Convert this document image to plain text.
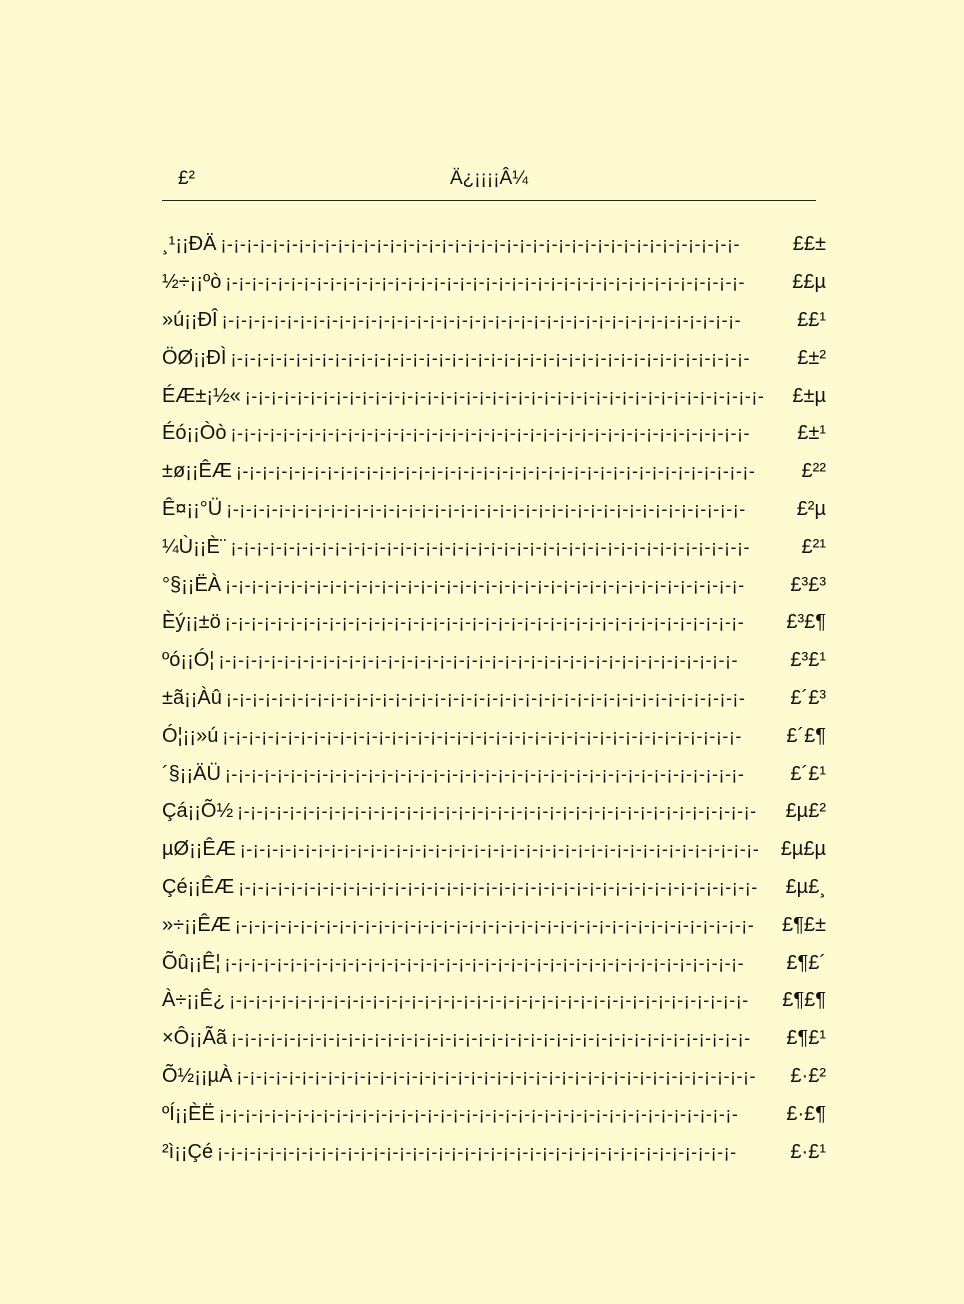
£²	Ä¿¡¡¡¡Â¼
¸¹¡¡ÐÄ ¡-¡-¡-¡-¡-¡-¡-¡-¡-¡-¡-¡-¡-¡-¡-¡-¡-¡-¡-¡-¡-¡-¡-¡-¡-¡-¡-¡-¡-¡-¡-¡-¡-¡-¡-¡-¡-¡-¡-¡-	££±
½÷¡¡ºò ¡-¡-¡-¡-¡-¡-¡-¡-¡-¡-¡-¡-¡-¡-¡-¡-¡-¡-¡-¡-¡-¡-¡-¡-¡-¡-¡-¡-¡-¡-¡-¡-¡-¡-¡-¡-¡-¡-¡-¡-	££µ
»ú¡¡ÐÎ ¡-¡-¡-¡-¡-¡-¡-¡-¡-¡-¡-¡-¡-¡-¡-¡-¡-¡-¡-¡-¡-¡-¡-¡-¡-¡-¡-¡-¡-¡-¡-¡-¡-¡-¡-¡-¡-¡-¡-¡-	££¹
ÖØ¡¡ÐÌ ¡-¡-¡-¡-¡-¡-¡-¡-¡-¡-¡-¡-¡-¡-¡-¡-¡-¡-¡-¡-¡-¡-¡-¡-¡-¡-¡-¡-¡-¡-¡-¡-¡-¡-¡-¡-¡-¡-¡-¡-	£±²
ÉÆ±¡½« ¡-¡-¡-¡-¡-¡-¡-¡-¡-¡-¡-¡-¡-¡-¡-¡-¡-¡-¡-¡-¡-¡-¡-¡-¡-¡-¡-¡-¡-¡-¡-¡-¡-¡-¡-¡-¡-¡-¡-¡-	£±µ
Éó¡¡Òò ¡-¡-¡-¡-¡-¡-¡-¡-¡-¡-¡-¡-¡-¡-¡-¡-¡-¡-¡-¡-¡-¡-¡-¡-¡-¡-¡-¡-¡-¡-¡-¡-¡-¡-¡-¡-¡-¡-¡-¡-	£±¹
±ø¡¡ÊÆ ¡-¡-¡-¡-¡-¡-¡-¡-¡-¡-¡-¡-¡-¡-¡-¡-¡-¡-¡-¡-¡-¡-¡-¡-¡-¡-¡-¡-¡-¡-¡-¡-¡-¡-¡-¡-¡-¡-¡-¡-	£²²
Ê¤¡¡°Ü ¡-¡-¡-¡-¡-¡-¡-¡-¡-¡-¡-¡-¡-¡-¡-¡-¡-¡-¡-¡-¡-¡-¡-¡-¡-¡-¡-¡-¡-¡-¡-¡-¡-¡-¡-¡-¡-¡-¡-¡-	£²µ
¼Ù¡¡È¨ ¡-¡-¡-¡-¡-¡-¡-¡-¡-¡-¡-¡-¡-¡-¡-¡-¡-¡-¡-¡-¡-¡-¡-¡-¡-¡-¡-¡-¡-¡-¡-¡-¡-¡-¡-¡-¡-¡-¡-¡-	£²¹
°§¡¡ËÀ ¡-¡-¡-¡-¡-¡-¡-¡-¡-¡-¡-¡-¡-¡-¡-¡-¡-¡-¡-¡-¡-¡-¡-¡-¡-¡-¡-¡-¡-¡-¡-¡-¡-¡-¡-¡-¡-¡-¡-¡-	£³£³
Èý¡¡±ö ¡-¡-¡-¡-¡-¡-¡-¡-¡-¡-¡-¡-¡-¡-¡-¡-¡-¡-¡-¡-¡-¡-¡-¡-¡-¡-¡-¡-¡-¡-¡-¡-¡-¡-¡-¡-¡-¡-¡-¡-	£³£¶
ºó¡¡Ó¦ ¡-¡-¡-¡-¡-¡-¡-¡-¡-¡-¡-¡-¡-¡-¡-¡-¡-¡-¡-¡-¡-¡-¡-¡-¡-¡-¡-¡-¡-¡-¡-¡-¡-¡-¡-¡-¡-¡-¡-¡-	£³£¹
±ã¡¡Àû ¡-¡-¡-¡-¡-¡-¡-¡-¡-¡-¡-¡-¡-¡-¡-¡-¡-¡-¡-¡-¡-¡-¡-¡-¡-¡-¡-¡-¡-¡-¡-¡-¡-¡-¡-¡-¡-¡-¡-¡-	£´£³
Ó¦¡¡»ú ¡-¡-¡-¡-¡-¡-¡-¡-¡-¡-¡-¡-¡-¡-¡-¡-¡-¡-¡-¡-¡-¡-¡-¡-¡-¡-¡-¡-¡-¡-¡-¡-¡-¡-¡-¡-¡-¡-¡-¡-	£´£¶
´§¡¡ÄÜ ¡-¡-¡-¡-¡-¡-¡-¡-¡-¡-¡-¡-¡-¡-¡-¡-¡-¡-¡-¡-¡-¡-¡-¡-¡-¡-¡-¡-¡-¡-¡-¡-¡-¡-¡-¡-¡-¡-¡-¡-	£´£¹
Çá¡¡Õ½ ¡-¡-¡-¡-¡-¡-¡-¡-¡-¡-¡-¡-¡-¡-¡-¡-¡-¡-¡-¡-¡-¡-¡-¡-¡-¡-¡-¡-¡-¡-¡-¡-¡-¡-¡-¡-¡-¡-¡-¡-	£µ£²
µØ¡¡ÊÆ ¡-¡-¡-¡-¡-¡-¡-¡-¡-¡-¡-¡-¡-¡-¡-¡-¡-¡-¡-¡-¡-¡-¡-¡-¡-¡-¡-¡-¡-¡-¡-¡-¡-¡-¡-¡-¡-¡-¡-¡-	£µ£µ
Çé¡¡ÊÆ ¡-¡-¡-¡-¡-¡-¡-¡-¡-¡-¡-¡-¡-¡-¡-¡-¡-¡-¡-¡-¡-¡-¡-¡-¡-¡-¡-¡-¡-¡-¡-¡-¡-¡-¡-¡-¡-¡-¡-¡-	£µ£¸
»÷¡¡ÊÆ ¡-¡-¡-¡-¡-¡-¡-¡-¡-¡-¡-¡-¡-¡-¡-¡-¡-¡-¡-¡-¡-¡-¡-¡-¡-¡-¡-¡-¡-¡-¡-¡-¡-¡-¡-¡-¡-¡-¡-¡-	£¶£±
Õû¡¡Ê¦ ¡-¡-¡-¡-¡-¡-¡-¡-¡-¡-¡-¡-¡-¡-¡-¡-¡-¡-¡-¡-¡-¡-¡-¡-¡-¡-¡-¡-¡-¡-¡-¡-¡-¡-¡-¡-¡-¡-¡-¡-	£¶£´
À÷¡¡Ê¿ ¡-¡-¡-¡-¡-¡-¡-¡-¡-¡-¡-¡-¡-¡-¡-¡-¡-¡-¡-¡-¡-¡-¡-¡-¡-¡-¡-¡-¡-¡-¡-¡-¡-¡-¡-¡-¡-¡-¡-¡-	£¶£¶
×Ô¡¡Ãã ¡-¡-¡-¡-¡-¡-¡-¡-¡-¡-¡-¡-¡-¡-¡-¡-¡-¡-¡-¡-¡-¡-¡-¡-¡-¡-¡-¡-¡-¡-¡-¡-¡-¡-¡-¡-¡-¡-¡-¡-	£¶£¹
Õ½¡¡µÀ ¡-¡-¡-¡-¡-¡-¡-¡-¡-¡-¡-¡-¡-¡-¡-¡-¡-¡-¡-¡-¡-¡-¡-¡-¡-¡-¡-¡-¡-¡-¡-¡-¡-¡-¡-¡-¡-¡-¡-¡-	£·£²
ºÍ¡¡ÈË ¡-¡-¡-¡-¡-¡-¡-¡-¡-¡-¡-¡-¡-¡-¡-¡-¡-¡-¡-¡-¡-¡-¡-¡-¡-¡-¡-¡-¡-¡-¡-¡-¡-¡-¡-¡-¡-¡-¡-¡-	£·£¶
²ì¡¡Çé ¡-¡-¡-¡-¡-¡-¡-¡-¡-¡-¡-¡-¡-¡-¡-¡-¡-¡-¡-¡-¡-¡-¡-¡-¡-¡-¡-¡-¡-¡-¡-¡-¡-¡-¡-¡-¡-¡-¡-¡-	£·£¹
